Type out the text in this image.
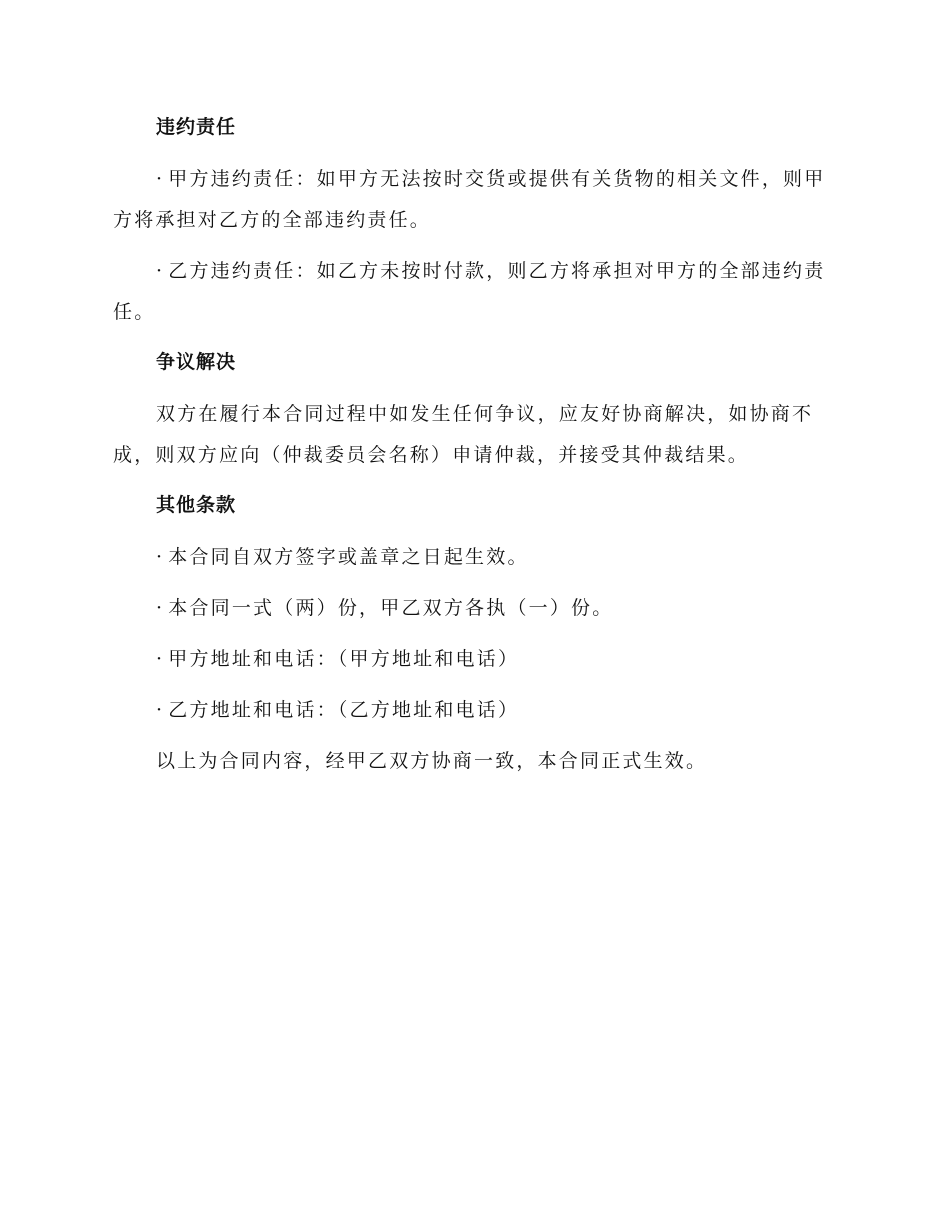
违约责任
· 甲方违约责任：如甲方无法按时交货或提供有关货物的相关文件，则甲方将承担对乙方的全部违约责任。
· 乙方违约责任：如乙方未按时付款，则乙方将承担对甲方的全部违约责任。
争议解决
双方在履行本合同过程中如发生任何争议，应友好协商解决，如协商不成，则双方应向（仲裁委员会名称）申请仲裁，并接受其仲裁结果。
其他条款
· 本合同自双方签字或盖章之日起生效。
· 本合同一式（两）份，甲乙双方各执（一）份。
· 甲方地址和电话：（甲方地址和电话）
· 乙方地址和电话：（乙方地址和电话）
以上为合同内容，经甲乙双方协商一致，本合同正式生效。
